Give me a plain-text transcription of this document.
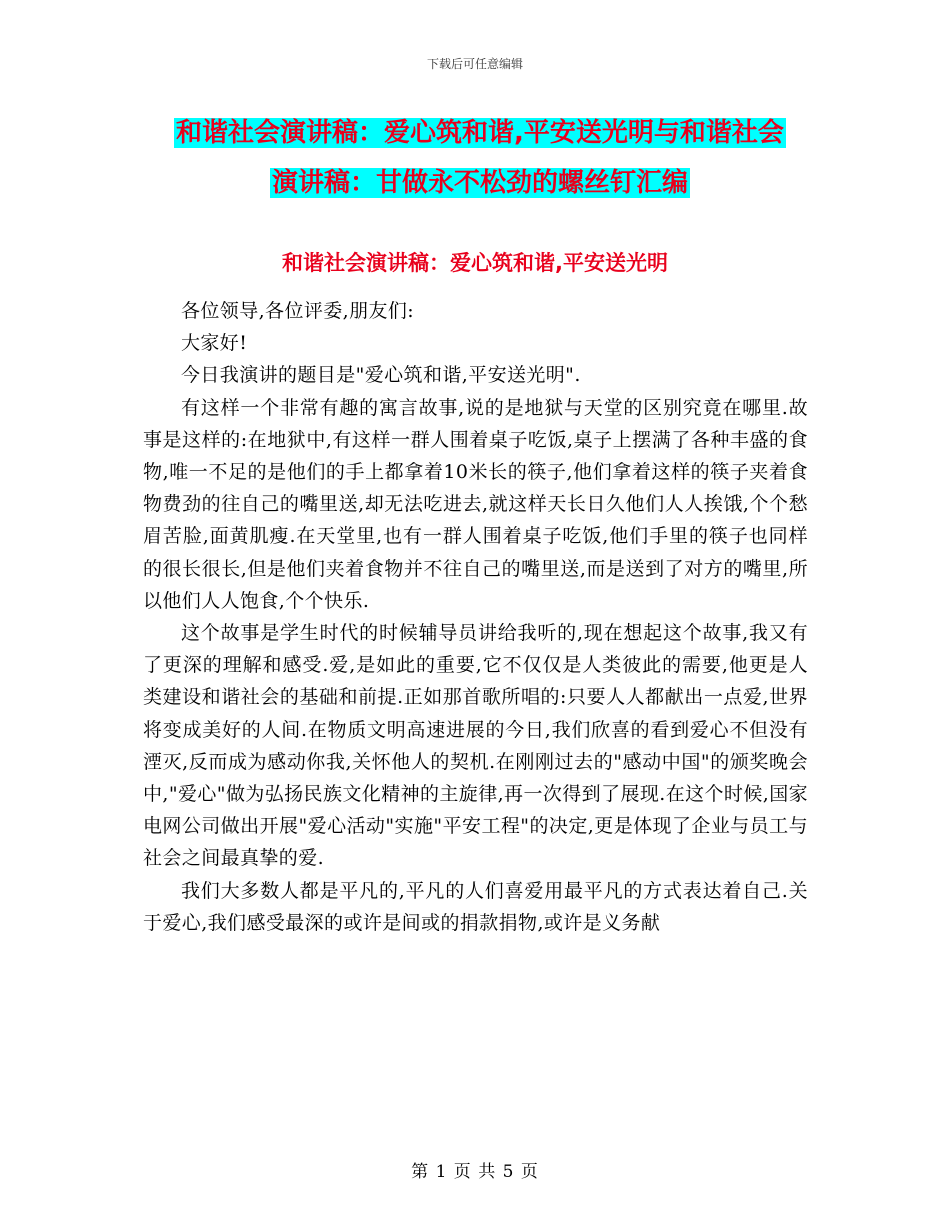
下载后可任意编辑
和谐社会演讲稿：爱心筑和谐,平安送光明与和谐社会
演讲稿：甘做永不松劲的螺丝钉汇编
和谐社会演讲稿：爱心筑和谐,平安送光明

各位领导,各位评委,朋友们:

大家好!

今日我演讲的题目是"爱心筑和谐,平安送光明".

有这样一个非常有趣的寓言故事,说的是地狱与天堂的区别究竟在哪里.故事是这样的:在地狱中,有这样一群人围着桌子吃饭,桌子上摆满了各种丰盛的食物,唯一不足的是他们的手上都拿着10米长的筷子,他们拿着这样的筷子夹着食物费劲的往自己的嘴里送,却无法吃进去,就这样天长日久他们人人挨饿,个个愁眉苦脸,面黄肌瘦.在天堂里,也有一群人围着桌子吃饭,他们手里的筷子也同样的很长很长,但是他们夹着食物并不往自己的嘴里送,而是送到了对方的嘴里,所以他们人人饱食,个个快乐.

这个故事是学生时代的时候辅导员讲给我听的,现在想起这个故事,我又有了更深的理解和感受.爱,是如此的重要,它不仅仅是人类彼此的需要,他更是人类建设和谐社会的基础和前提.正如那首歌所唱的:只要人人都献出一点爱,世界将变成美好的人间.在物质文明高速进展的今日,我们欣喜的看到爱心不但没有湮灭,反而成为感动你我,关怀他人的契机.在刚刚过去的"感动中国"的颁奖晚会中,"爱心"做为弘扬民族文化精神的主旋律,再一次得到了展现.在这个时候,国家电网公司做出开展"爱心活动"实施"平安工程"的决定,更是体现了企业与员工与社会之间最真挚的爱.

我们大多数人都是平凡的,平凡的人们喜爱用最平凡的方式表达着自己.关于爱心,我们感受最深的或许是间或的捐款捐物,或许是义务献

第 1 页 共 5 页
